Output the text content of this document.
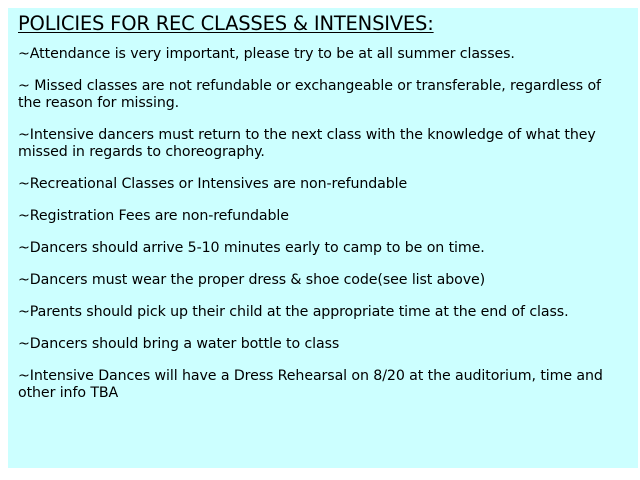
POLICIES FOR REC CLASSES & INTENSIVES:
~Attendance is very important, please try to be at all summer classes.
~ Missed classes are not refundable or exchangeable or transferable, regardless of the reason for missing.
~Intensive dancers must return to the next class with the knowledge of what they missed in regards to choreography.
~Recreational Classes or Intensives are non-refundable
~Registration Fees are non-refundable
~Dancers should arrive 5-10 minutes early to camp to be on time.
~Dancers must wear the proper dress & shoe code(see list above)
~Parents should pick up their child at the appropriate time at the end of class.
~Dancers should bring a water bottle to class
~Intensive Dances will have a Dress Rehearsal on 8/20 at the auditorium, time and other info TBA
